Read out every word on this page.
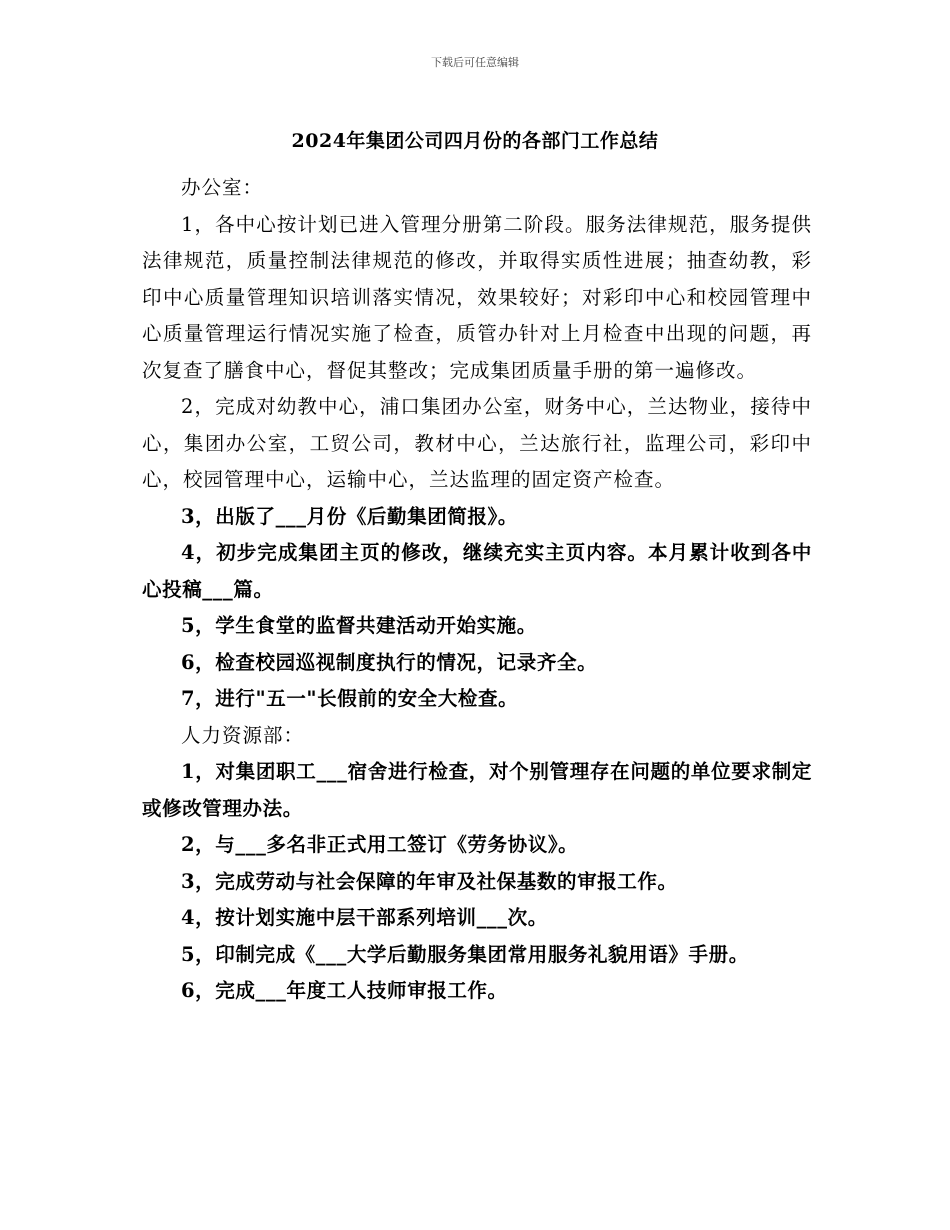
下载后可任意编辑
2024年集团公司四月份的各部门工作总结

办公室：

1，各中心按计划已进入管理分册第二阶段。服务法律规范，服务提供法律规范，质量控制法律规范的修改，并取得实质性进展；抽查幼教，彩印中心质量管理知识培训落实情况，效果较好；对彩印中心和校园管理中心质量管理运行情况实施了检查，质管办针对上月检查中出现的问题，再次复查了膳食中心，督促其整改；完成集团质量手册的第一遍修改。

2，完成对幼教中心，浦口集团办公室，财务中心，兰达物业，接待中心，集团办公室，工贸公司，教材中心，兰达旅行社，监理公司，彩印中心，校园管理中心，运输中心，兰达监理的固定资产检查。

3，出版了___月份《后勤集团简报》。

4，初步完成集团主页的修改，继续充实主页内容。本月累计收到各中心投稿___篇。

5，学生食堂的监督共建活动开始实施。

6，检查校园巡视制度执行的情况，记录齐全。

7，进行"五一"长假前的安全大检查。

人力资源部：

1，对集团职工___宿舍进行检查，对个别管理存在问题的单位要求制定或修改管理办法。

2，与___多名非正式用工签订《劳务协议》。

3，完成劳动与社会保障的年审及社保基数的审报工作。

4，按计划实施中层干部系列培训___次。

5，印制完成《___大学后勤服务集团常用服务礼貌用语》手册。

6，完成___年度工人技师审报工作。
